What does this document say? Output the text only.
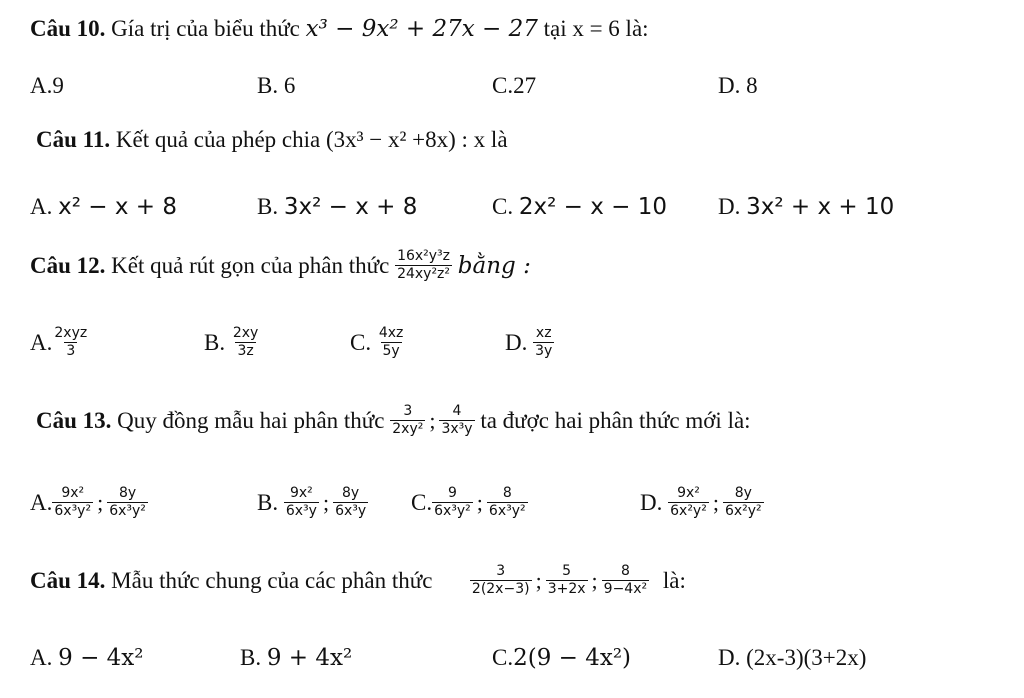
Câu 10. Gía trị của biểu thức x³ − 9x² + 27x − 27 tại x = 6 là:
A.9	B. 6	C.27	D. 8
Câu 11. Kết quả của phép chia (3x³ − x² +8x) : x là
A. x² − x + 8	B. 3x² − x + 8	C. 2x² − x − 10 D. 3x² + x + 10
Câu 12. Kết quả rút gọn của phân thức $\frac{\text{16x²y³z}}{\text{24xy²z²}}$ bằng :
A. $\frac{\text{2xyz}}{3}$	B. $\frac{2xy}{3z}$	C. $\frac{4xz}{5y}$	D. $\frac{xz}{3y}$
Câu 13. Quy đồng mẫu hai phân thức $\frac{3}{\text{2xy²}}$ ; $\frac{4}{\text{3x³y}}$ ta được hai phân thức mới là:
A. $\frac{\text{9x²}}{\text{6x³y²}}$ ; $\frac{8y}{\text{6x³y²}}$	B. $\frac{\text{9x²}}{\text{6x³y}}$ ; $\frac{8y}{\text{6x³y}} C$. $\frac{9}{\text{6x³y²}}$ ; $\frac{8}{\text{6x³y²}}$	D. $\frac{\text{9x²}}{\text{6x²y²}}$ ; $\frac{8y}{\text{6x²y²}}$
Câu 14. Mẫu thức chung của các phân thức	$\frac{3}{2(2x-3)}$ ; $\frac{5}{3+2x}$ ; $\frac{8}{\text{9−4x²}}$ là:
A. 9 − 4x²	B. 9 + 4x²	C.2(9 − 4x²)	D. (2x-3)(3+2x)
